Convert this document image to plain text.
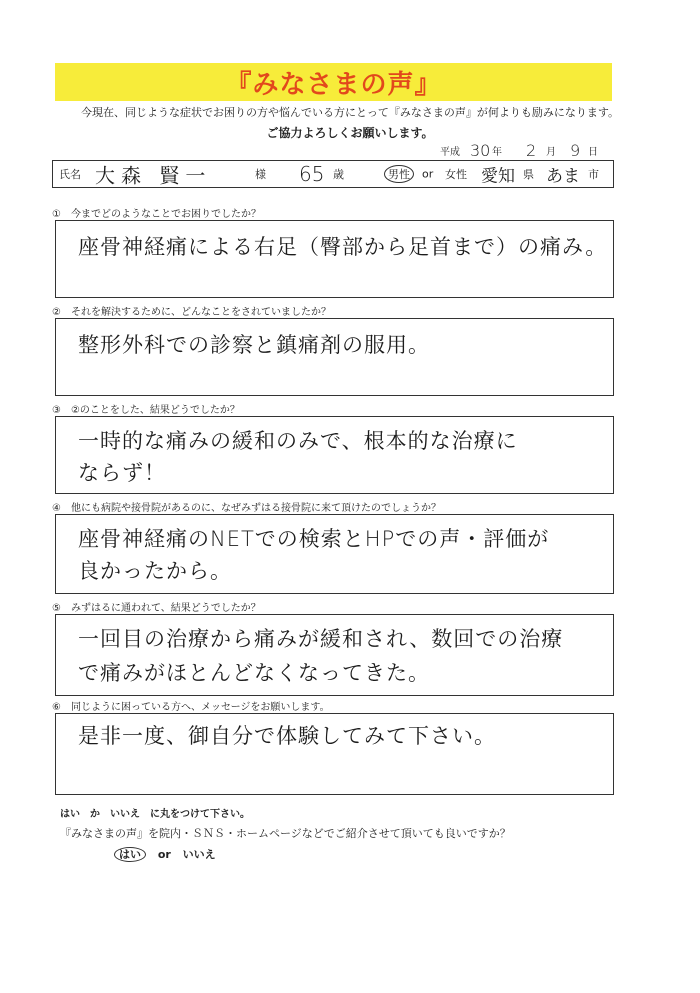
『みなさまの声』
今現在、同じような症状でお困りの方や悩んでいる方にとって『みなさまの声』が何よりも励みになります。
ご協力よろしくお願いします。
平成 30 年 2 月 9 日
氏名 大森 賢一	様 65 歳	男性	or 女性 愛知 県 あま 市
①　今までどのようなことでお困りでしたか？
座骨神経痛による右足（臀部から足首まで）の痛み。
②　それを解決するために、どんなことをされていましたか？
整形外科での診察と鎮痛剤の服用。
③　②のことをした、結果どうでしたか？
一時的な痛みの緩和のみで、根本的な治療に
ならず！
④　他にも病院や接骨院があるのに、なぜみずはる接骨院に来て頂けたのでしょうか？
座骨神経痛のNETでの検索とHPでの声・評価が
良かったから。
⑤　みずはるに通われて、結果どうでしたか？
一回目の治療から痛みが緩和され、数回での治療
で痛みがほとんどなくなってきた。
⑥　同じように困っている方へ、メッセージをお願いします。
是非一度、御自分で体験してみて下さい。
はい　か　いいえ　に丸をつけて下さい。
『みなさまの声』を院内・ＳＮＳ・ホームページなどでご紹介させて頂いても良いですか？
はい or いいえ
